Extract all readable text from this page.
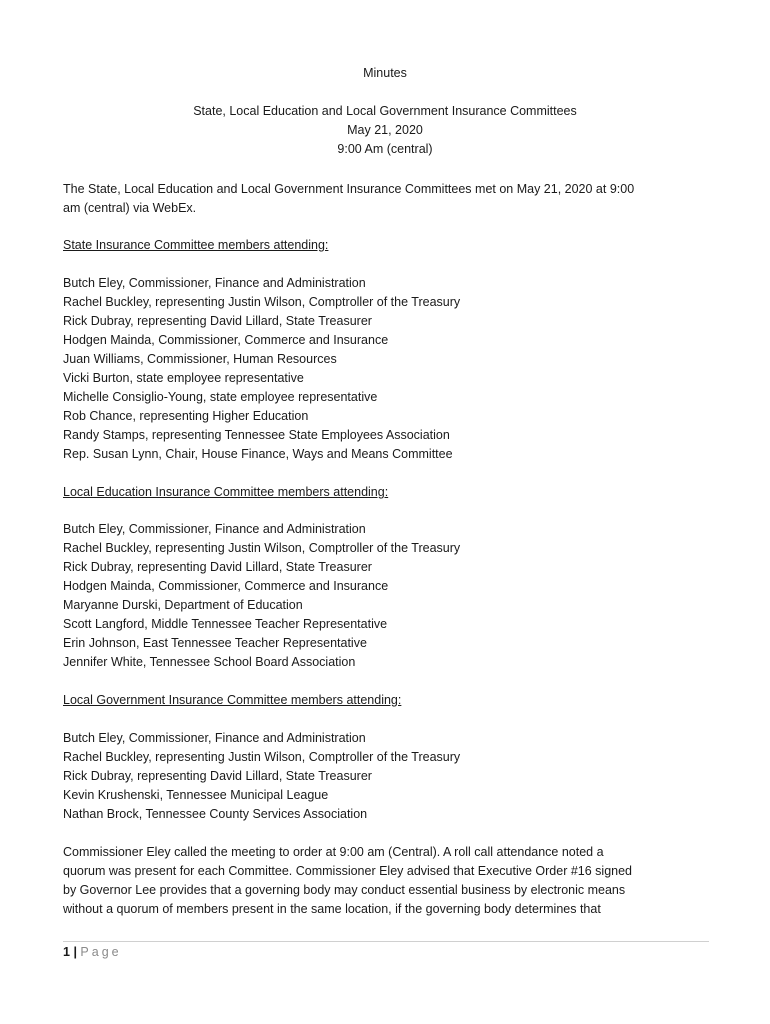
Minutes
State, Local Education and Local Government Insurance Committees
May 21, 2020
9:00 Am (central)
The State, Local Education and Local Government Insurance Committees met on May 21, 2020 at 9:00
am (central) via WebEx.
State Insurance Committee members attending:
Butch Eley, Commissioner, Finance and Administration
Rachel Buckley, representing Justin Wilson, Comptroller of the Treasury
Rick Dubray, representing David Lillard, State Treasurer
Hodgen Mainda, Commissioner, Commerce and Insurance
Juan Williams, Commissioner, Human Resources
Vicki Burton, state employee representative
Michelle Consiglio-Young, state employee representative
Rob Chance, representing Higher Education
Randy Stamps, representing Tennessee State Employees Association
Rep. Susan Lynn, Chair, House Finance, Ways and Means Committee
Local Education Insurance Committee members attending:
Butch Eley, Commissioner, Finance and Administration
Rachel Buckley, representing Justin Wilson, Comptroller of the Treasury
Rick Dubray, representing David Lillard, State Treasurer
Hodgen Mainda, Commissioner, Commerce and Insurance
Maryanne Durski, Department of Education
Scott Langford, Middle Tennessee Teacher Representative
Erin Johnson, East Tennessee Teacher Representative
Jennifer White, Tennessee School Board Association
Local Government Insurance Committee members attending:
Butch Eley, Commissioner, Finance and Administration
Rachel Buckley, representing Justin Wilson, Comptroller of the Treasury
Rick Dubray, representing David Lillard, State Treasurer
Kevin Krushenski, Tennessee Municipal League
Nathan Brock, Tennessee County Services Association
Commissioner Eley called the meeting to order at 9:00 am (Central). A roll call attendance noted a
quorum was present for each Committee. Commissioner Eley advised that Executive Order #16 signed
by Governor Lee provides that a governing body may conduct essential business by electronic means
without a quorum of members present in the same location, if the governing body determines that
1 | Page
